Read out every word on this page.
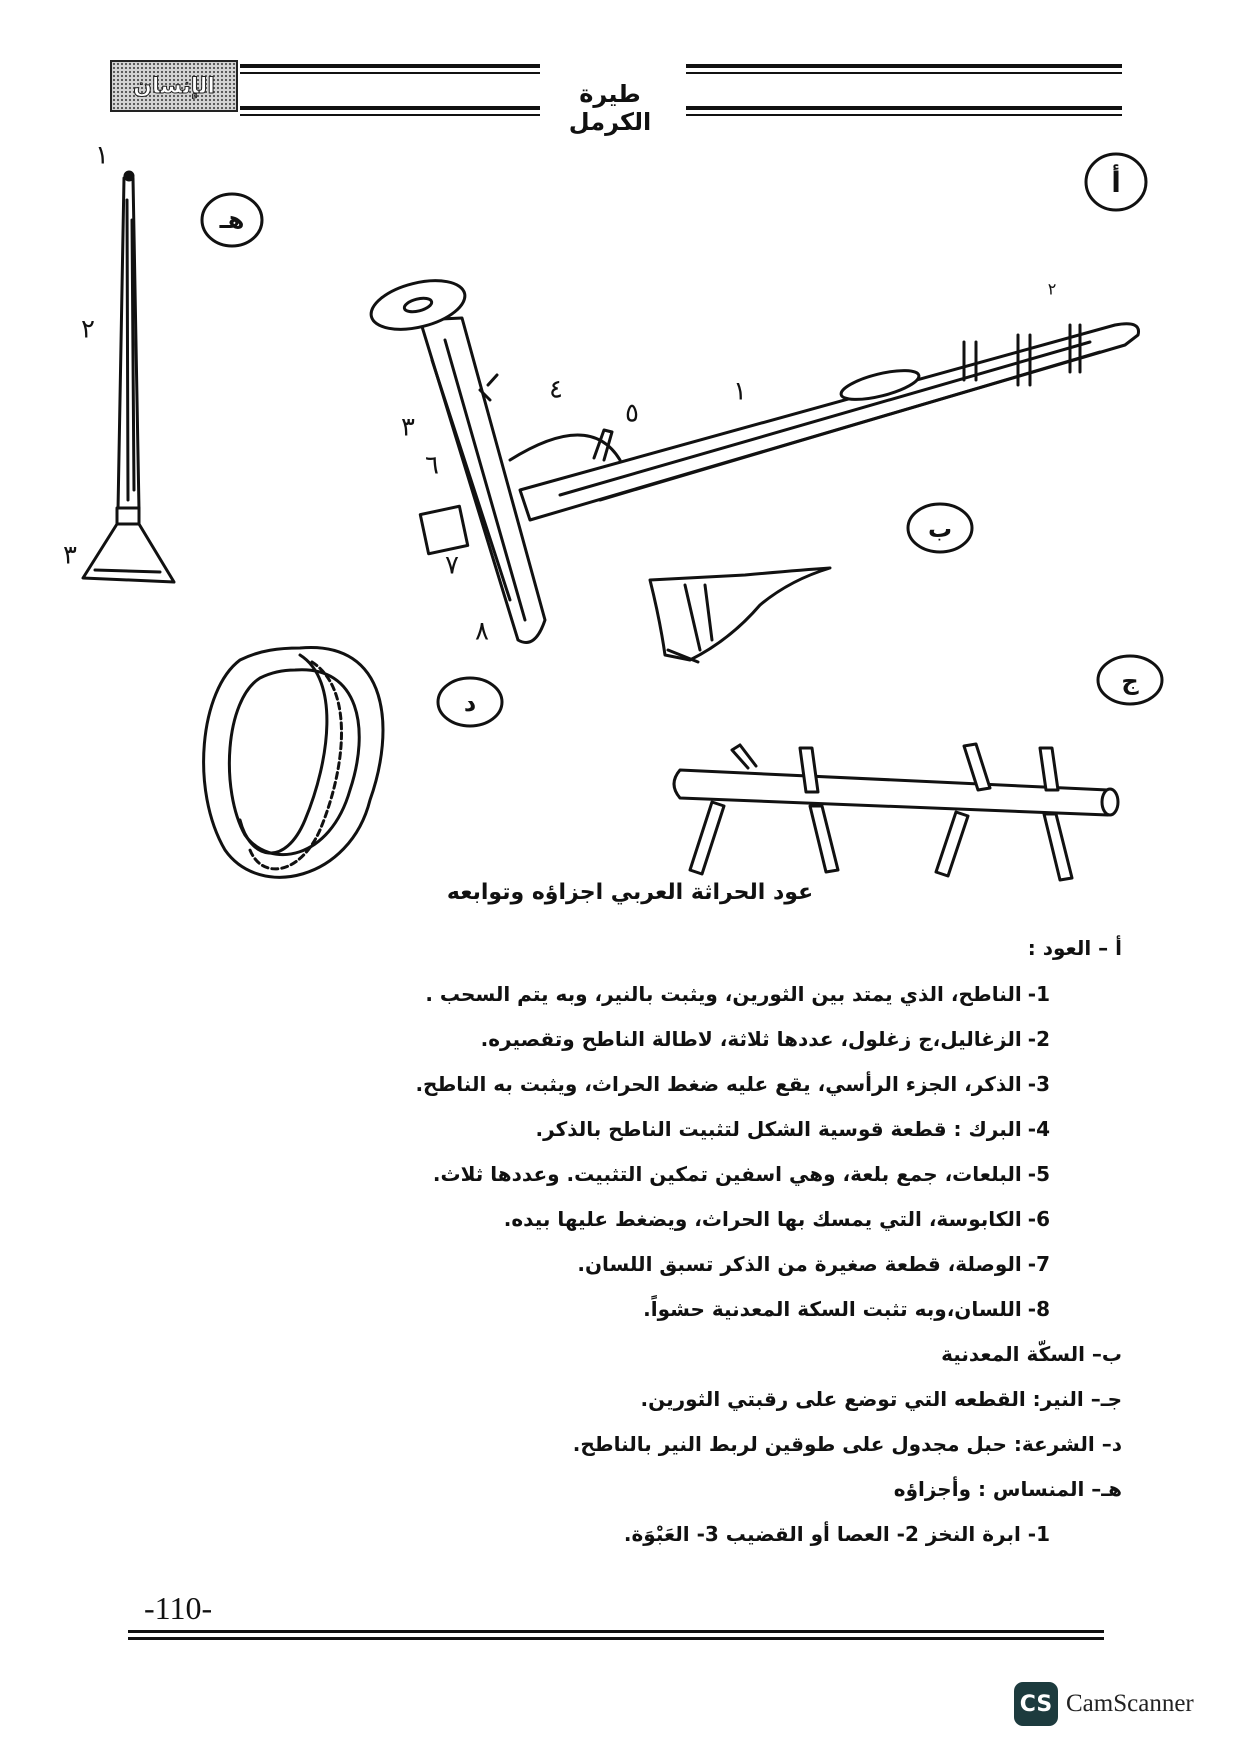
الإنسان	طيرة الكرمل
هـ
أ
ب
ج
د
١
٢
٣
٤
٥
٦
٧
٨
١
٢
٣
عود الحراثة العربي اجزاؤه وتوابعه
أ – العود :
1-الناطح، الذي يمتد بين الثورين، ويثبت بالنير، وبه يتم السحب .
2-الزغاليل،ج زغلول، عددها ثلاثة، لاطالة الناطح وتقصيره.
3-الذكر، الجزء الرأسي، يقع عليه ضغط الحراث، ويثبت به الناطح.
4-البرك : قطعة قوسية الشكل لتثبيت الناطح بالذكر.
5-البلعات، جمع بلعة، وهي اسفين تمكين التثبيت. وعددها ثلاث.
6-الكابوسة، التي يمسك بها الحراث، ويضغط عليها بيده.
7-الوصلة، قطعة صغيرة من الذكر تسبق اللسان.
8-اللسان،وبه تثبت السكة المعدنية حشواً.
ب– السكّة المعدنية
جـ– النير: القطعه التي توضع على رقبتي الثورين.
د– الشرعة: حبل مجدول على طوقين لربط النير بالناطح.
هـ– المنساس : وأجزاؤه
1- ابرة النخز 2- العصا أو القضيب 3- العَبْوَة.
-110-
CS CamScanner
